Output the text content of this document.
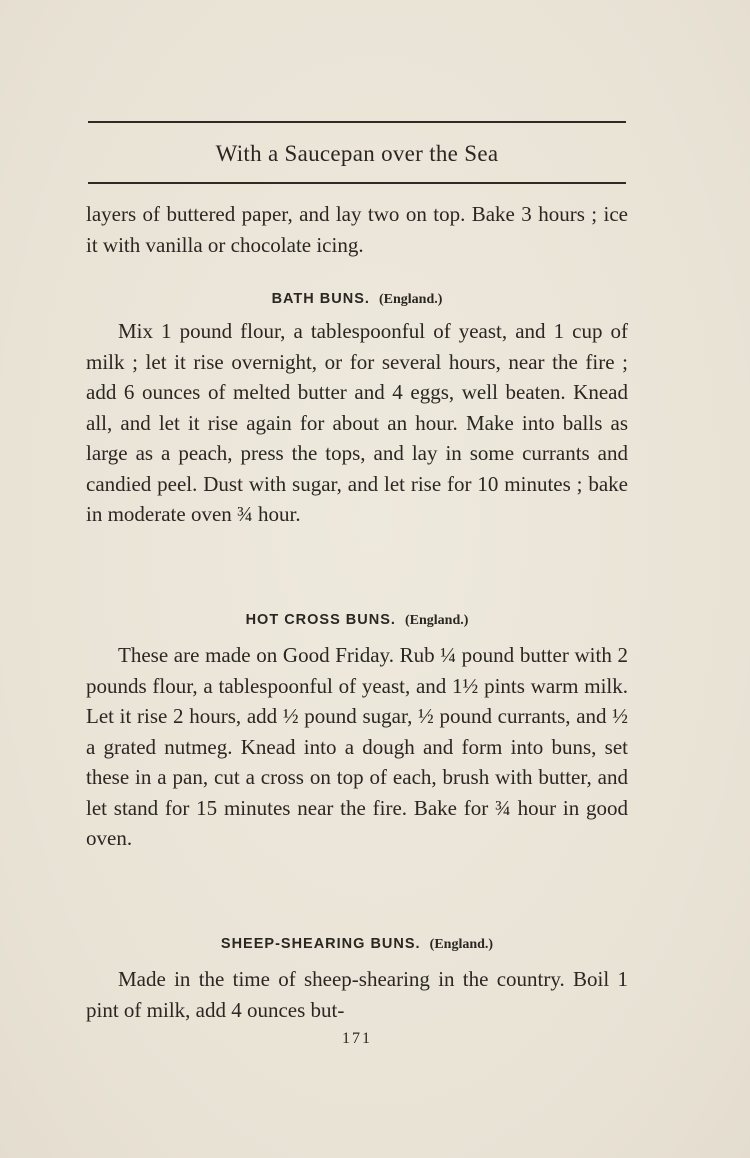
With a Saucepan over the Sea

layers of buttered paper, and lay two on top. Bake 3 hours ; ice it with vanilla or chocolate icing.

BATH BUNS. (England.)

Mix 1 pound flour, a tablespoonful of yeast, and 1 cup of milk ; let it rise overnight, or for several hours, near the fire ; add 6 ounces of melted butter and 4 eggs, well beaten. Knead all, and let it rise again for about an hour. Make into balls as large as a peach, press the tops, and lay in some currants and candied peel. Dust with sugar, and let rise for 10 minutes ; bake in moderate oven ¾ hour.

HOT CROSS BUNS. (England.)

These are made on Good Friday. Rub ¼ pound butter with 2 pounds flour, a tablespoonful of yeast, and 1½ pints warm milk. Let it rise 2 hours, add ½ pound sugar, ½ pound currants, and ½ a grated nutmeg. Knead into a dough and form into buns, set these in a pan, cut a cross on top of each, brush with butter, and let stand for 15 minutes near the fire. Bake for ¾ hour in good oven.

SHEEP-SHEARING BUNS. (England.)

Made in the time of sheep-shearing in the country. Boil 1 pint of milk, add 4 ounces but-

171
